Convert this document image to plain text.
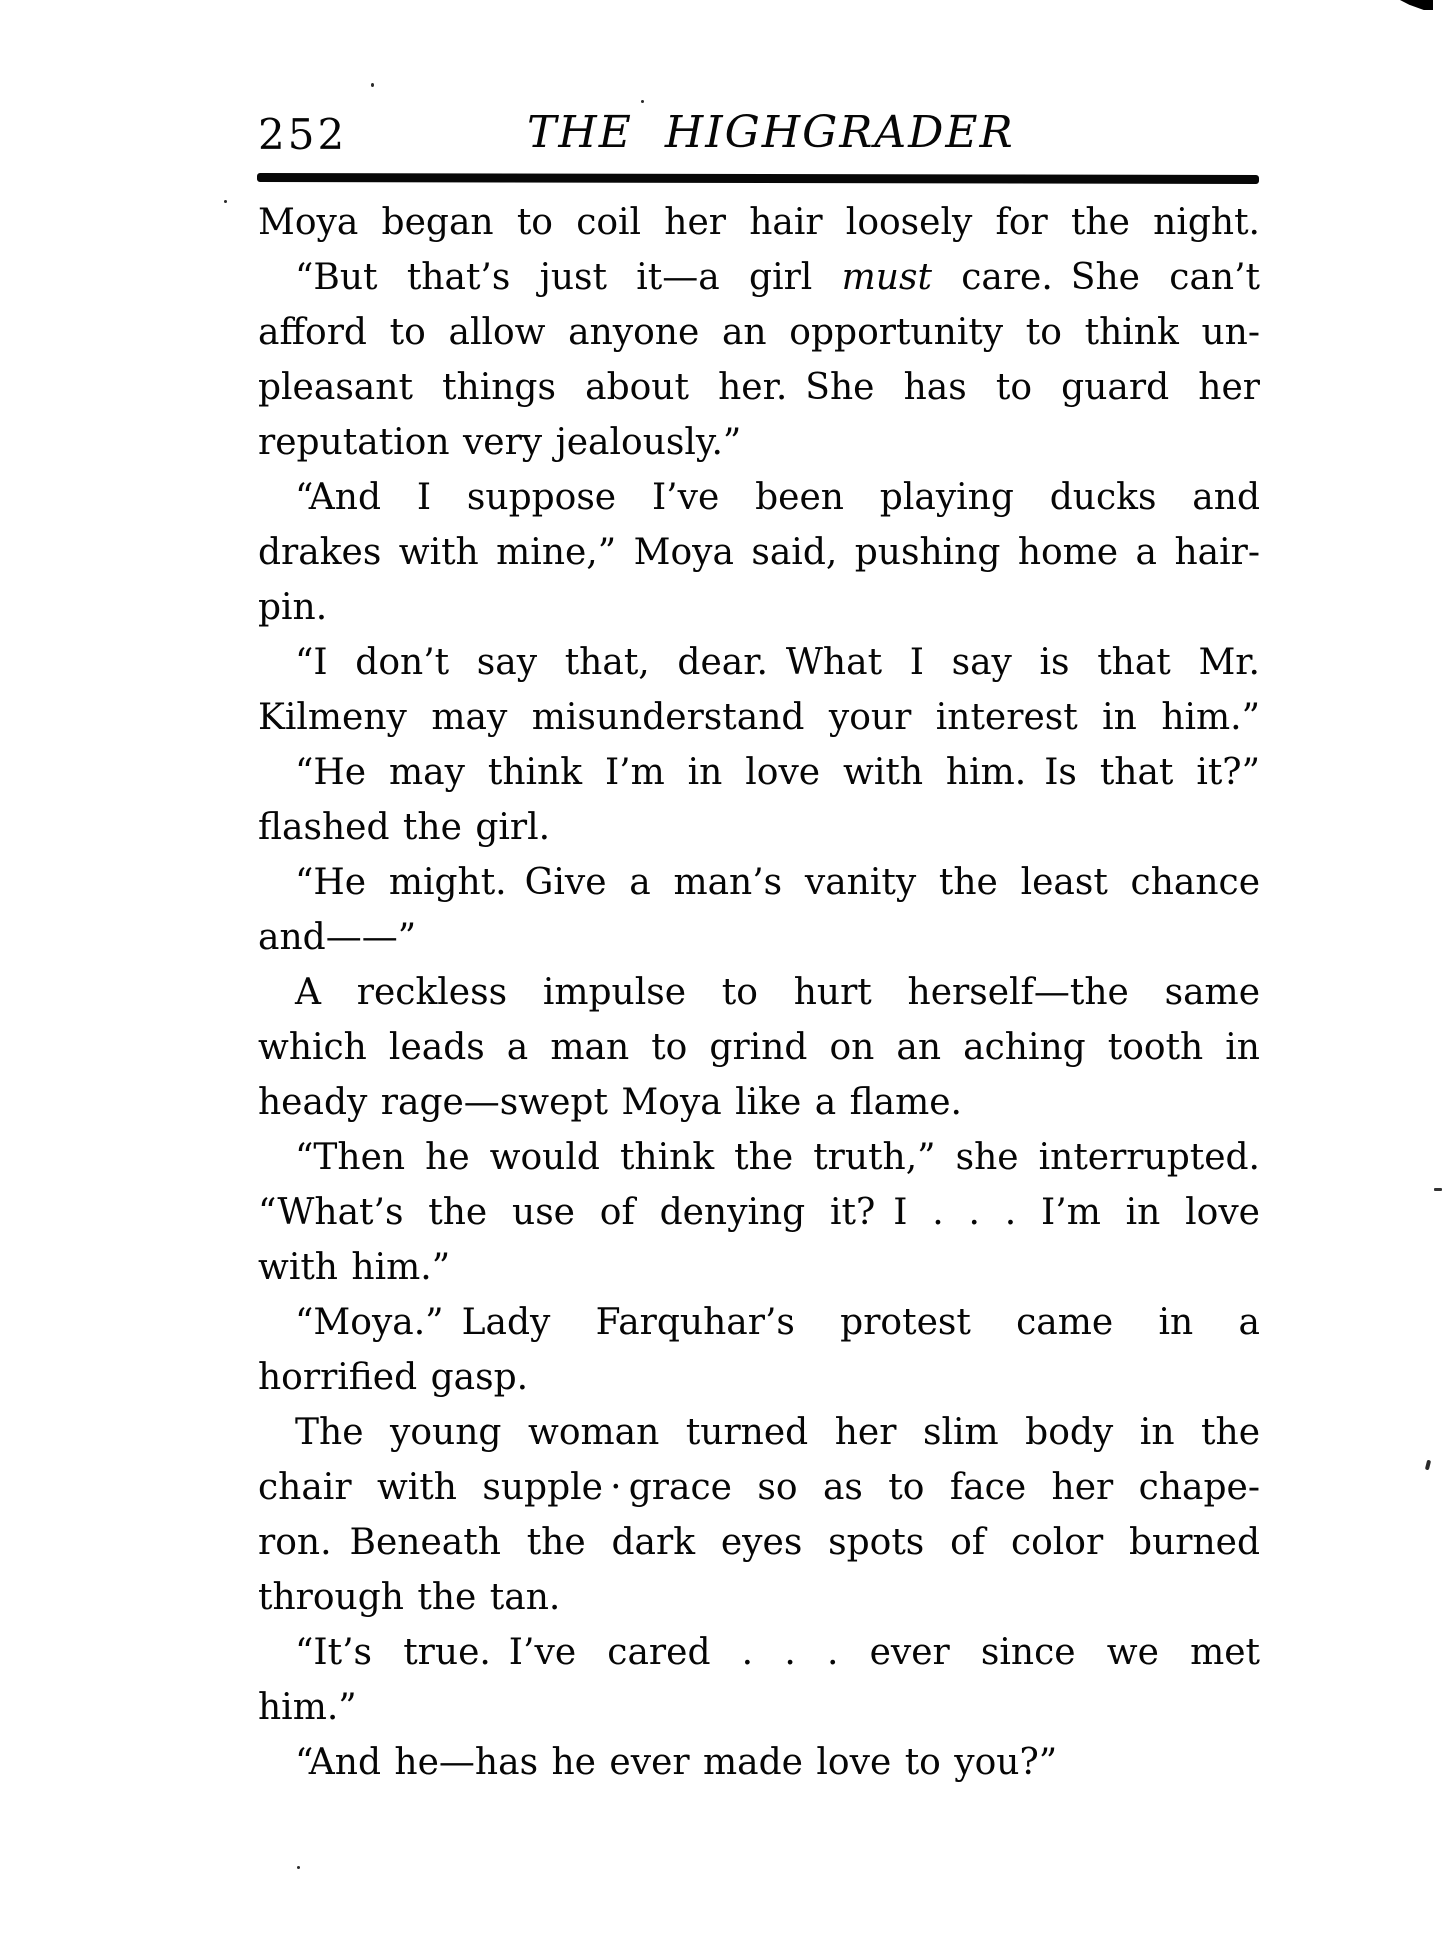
252	THE HIGHGRADER
Moya began to coil her hair loosely for the night.
“But that’s just it—a girl must care. She can’t
afford to allow anyone an opportunity to think un-
pleasant things about her. She has to guard her
reputation very jealously.”
“And I suppose I’ve been playing ducks and
drakes with mine,” Moya said, pushing home a hair-
pin.
“I don’t say that, dear. What I say is that Mr.
Kilmeny may misunderstand your interest in him.”
“He may think I’m in love with him. Is that it?”
flashed the girl.
“He might. Give a man’s vanity the least chance
and——”
A reckless impulse to hurt herself—the same
which leads a man to grind on an aching tooth in
heady rage—swept Moya like a flame.
“Then he would think the truth,” she interrupted.
“What’s the use of denying it? I . . . I’m in love
with him.”
“Moya.” Lady Farquhar’s protest came in a
horrified gasp.
The young woman turned her slim body in the
chair with supple · grace so as to face her chape-
ron. Beneath the dark eyes spots of color burned
through the tan.
“It’s true. I’ve cared . . . ever since we met
him.”
“And he—has he ever made love to you?”
